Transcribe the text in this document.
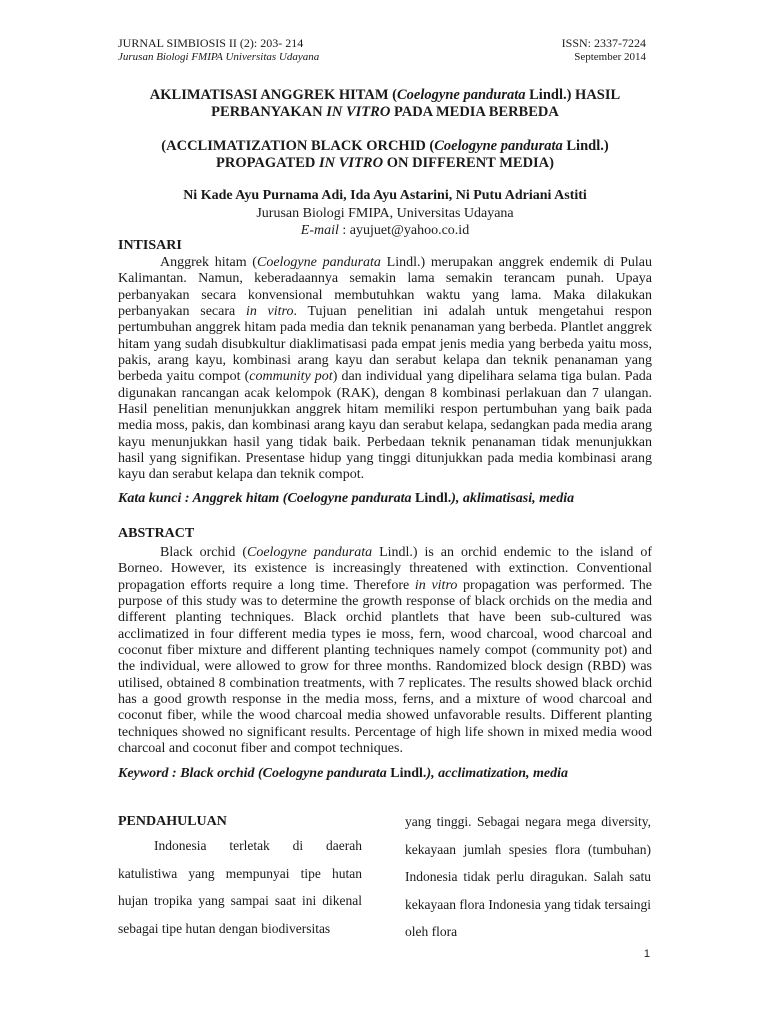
JURNAL SIMBIOSIS II (2): 203- 214
Jurusan Biologi FMIPA Universitas Udayana
ISSN: 2337-7224
September 2014
AKLIMATISASI ANGGREK HITAM (Coelogyne pandurata Lindl.) HASIL
PERBANYAKAN IN VITRO PADA MEDIA BERBEDA
(ACCLIMATIZATION BLACK ORCHID (Coelogyne pandurata Lindl.)
PROPAGATED IN VITRO ON DIFFERENT MEDIA)
Ni Kade Ayu Purnama Adi, Ida Ayu Astarini, Ni Putu Adriani Astiti
Jurusan Biologi FMIPA, Universitas Udayana
E-mail : ayujuet@yahoo.co.id
INTISARI

Anggrek hitam (Coelogyne pandurata Lindl.) merupakan anggrek endemik di Pulau Kalimantan. Namun, keberadaannya semakin lama semakin terancam punah. Upaya perbanyakan secara konvensional membutuhkan waktu yang lama. Maka dilakukan perbanyakan secara in vitro. Tujuan penelitian ini adalah untuk mengetahui respon pertumbuhan anggrek hitam pada media dan teknik penanaman yang berbeda. Plantlet anggrek hitam yang sudah disubkultur diaklimatisasi pada empat jenis media yang berbeda yaitu moss, pakis, arang kayu, kombinasi arang kayu dan serabut kelapa dan teknik penanaman yang berbeda yaitu compot (community pot) dan individual yang dipelihara selama tiga bulan. Pada digunakan rancangan acak kelompok (RAK), dengan 8 kombinasi perlakuan dan 7 ulangan. Hasil penelitian menunjukkan anggrek hitam memiliki respon pertumbuhan yang baik pada media moss, pakis, dan kombinasi arang kayu dan serabut kelapa, sedangkan pada media arang kayu menunjukkan hasil yang tidak baik. Perbedaan teknik penanaman tidak menunjukkan hasil yang signifikan. Presentase hidup yang tinggi ditunjukkan pada media kombinasi arang kayu dan serabut kelapa dan teknik compot.

Kata kunci : Anggrek hitam (Coelogyne pandurata Lindl.), aklimatisasi, media
ABSTRACT

Black orchid (Coelogyne pandurata Lindl.) is an orchid endemic to the island of Borneo. However, its existence is increasingly threatened with extinction. Conventional propagation efforts require a long time. Therefore in vitro propagation was performed. The purpose of this study was to determine the growth response of black orchids on the media and different planting techniques. Black orchid plantlets that have been sub-cultured was acclimatized in four different media types ie moss, fern, wood charcoal, wood charcoal and coconut fiber mixture and different planting techniques namely compot (community pot) and the individual, were allowed to grow for three months. Randomized block design (RBD) was utilised, obtained 8 combination treatments, with 7 replicates. The results showed black orchid has a good growth response in the media moss, ferns, and a mixture of wood charcoal and coconut fiber, while the wood charcoal media showed unfavorable results. Different planting techniques showed no significant results. Percentage of high life shown in mixed media wood charcoal and coconut fiber and compot techniques.

Keyword : Black orchid (Coelogyne pandurata Lindl.), acclimatization, media
PENDAHULUAN

Indonesia terletak di daerah katulistiwa yang mempunyai tipe hutan hujan tropika yang sampai saat ini dikenal sebagai tipe hutan dengan biodiversitas

yang tinggi. Sebagai negara mega diversity, kekayaan jumlah spesies flora (tumbuhan) Indonesia tidak perlu diragukan. Salah satu kekayaan flora Indonesia yang tidak tersaingi oleh flora

1
